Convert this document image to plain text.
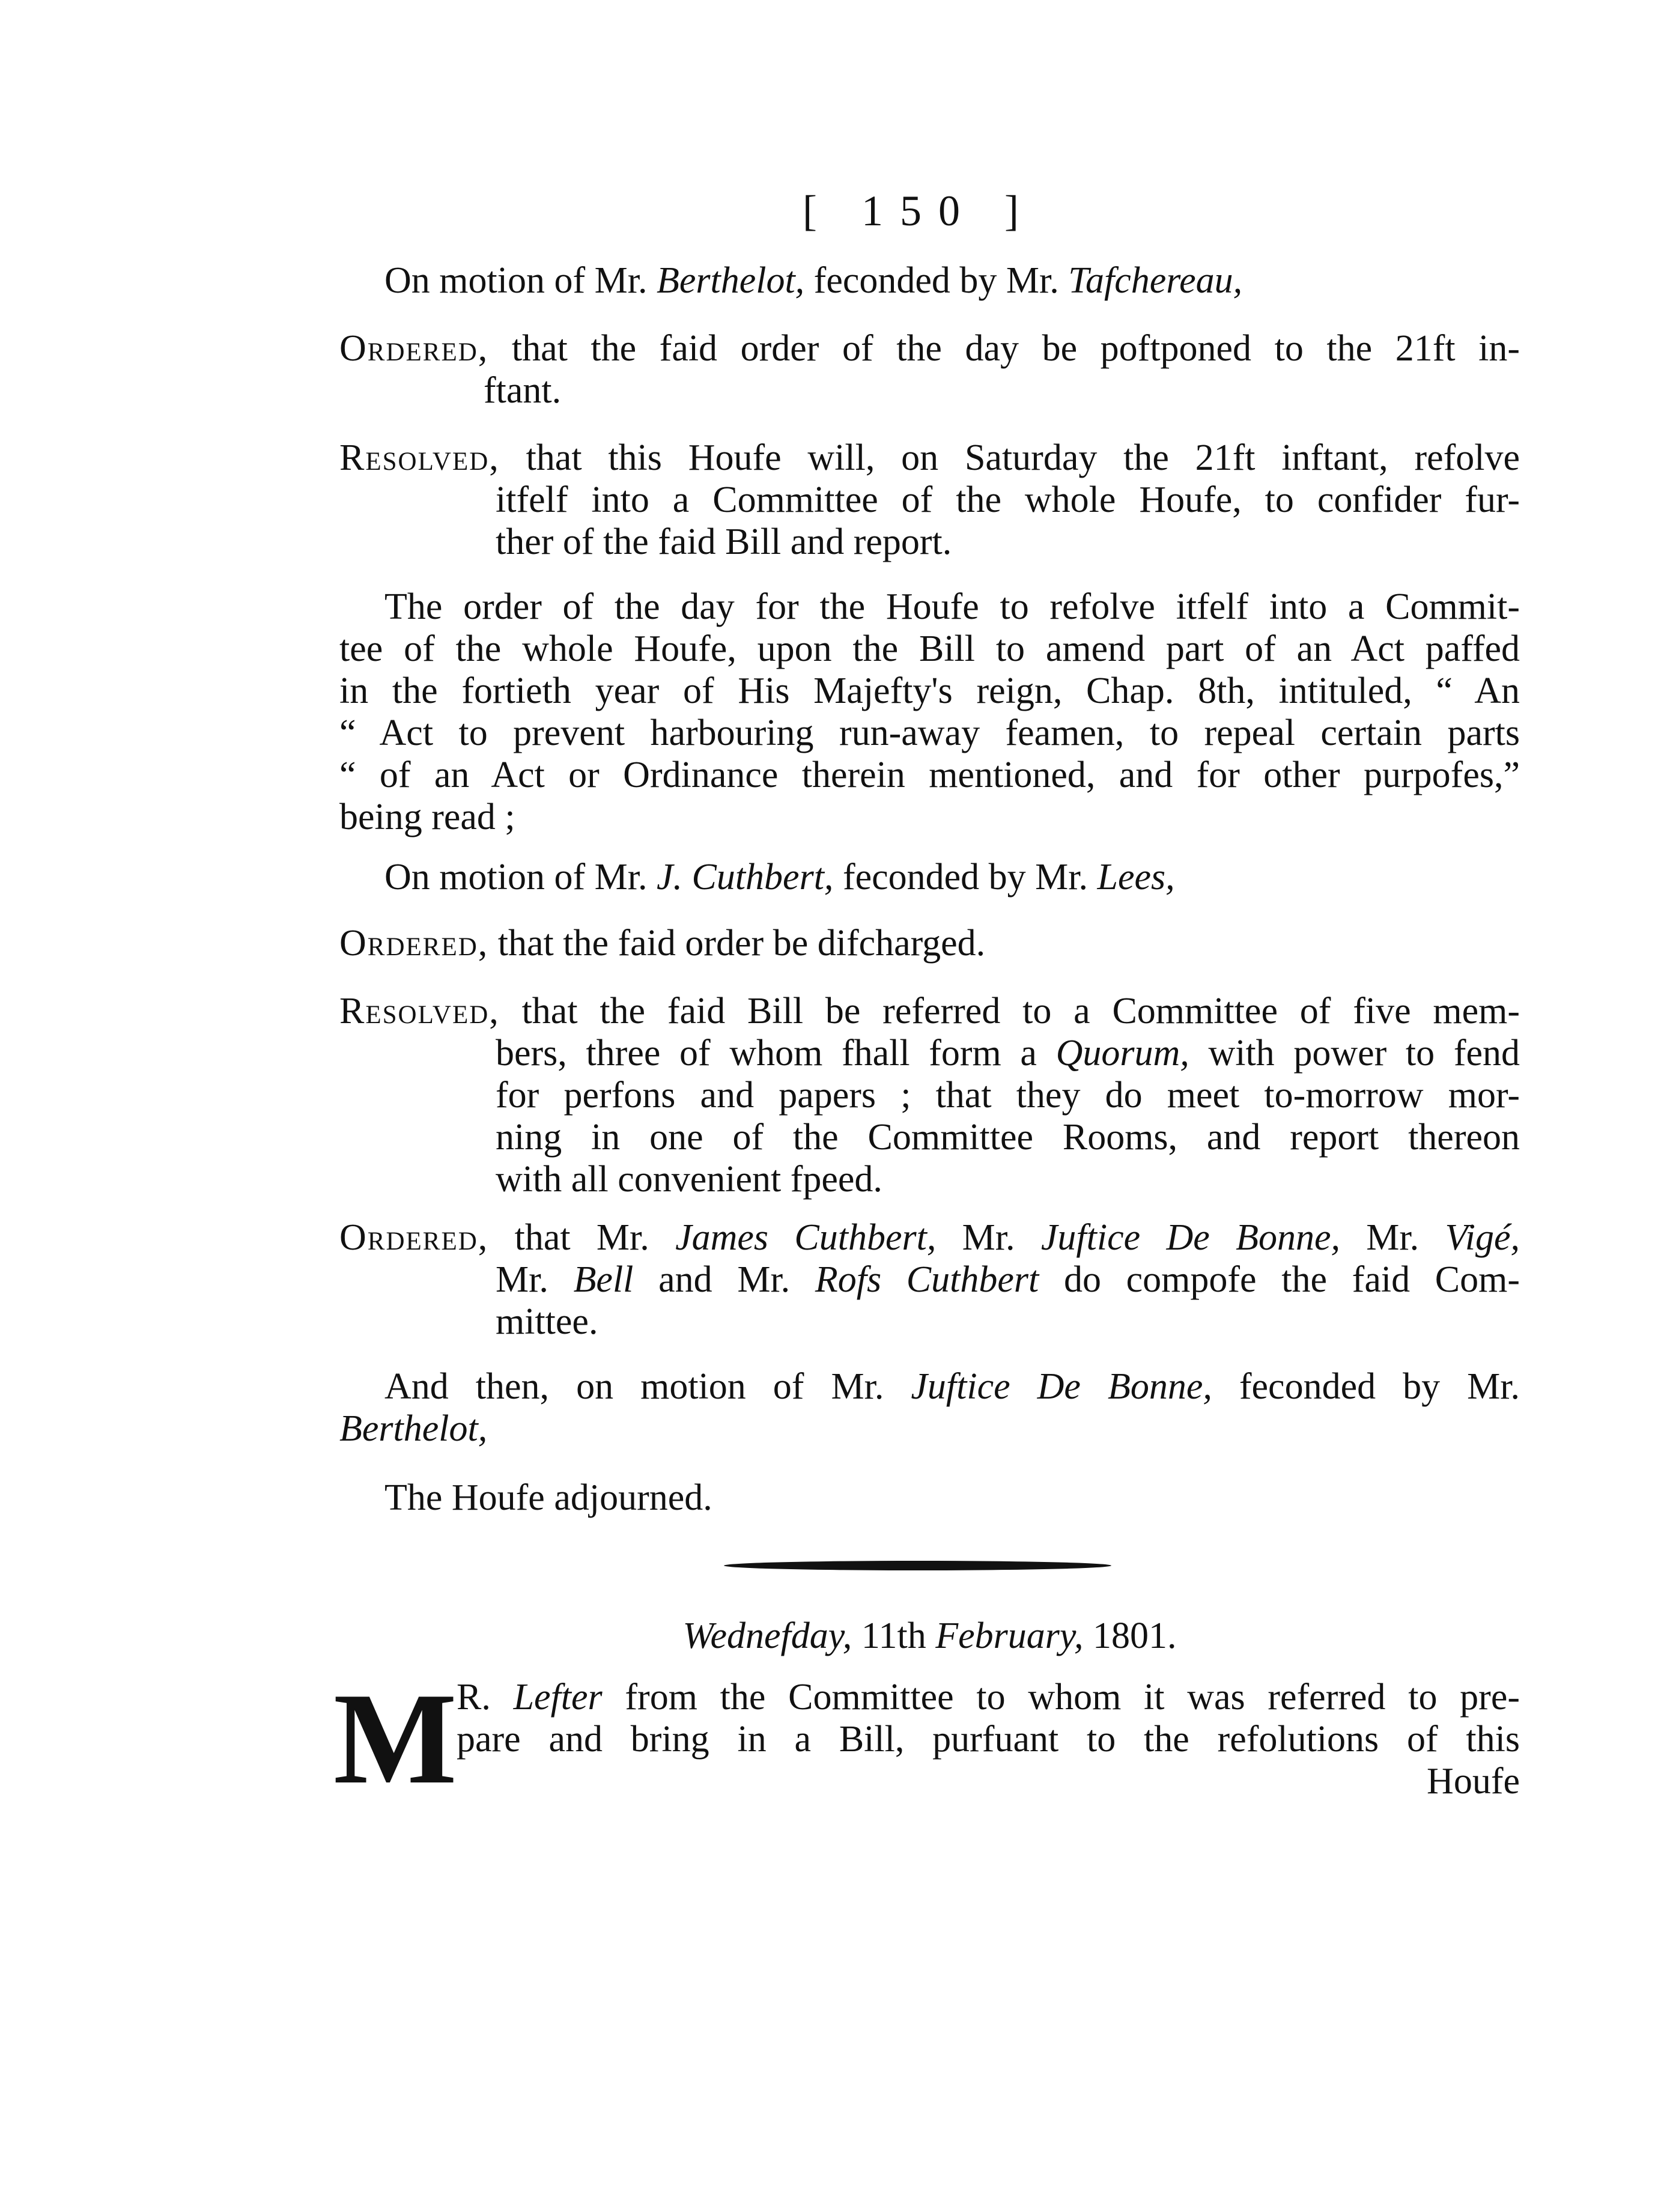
[ 150 ]
On motion of Mr. Berthelot, feconded by Mr. Tafchereau,
Ordered, that the faid order of the day be poftponed to the 21ft in-
ftant.
Resolved, that this Houfe will, on Saturday the 21ft inftant, refolve
itfelf into a Committee of the whole Houfe, to confider fur-
ther of the faid Bill and report.
The order of the day for the Houfe to refolve itfelf into a Commit-
tee of the whole Houfe, upon the Bill to amend part of an Act paffed
in the fortieth year of His Majefty's reign, Chap. 8th, intituled, “ An
“ Act to prevent harbouring run-away feamen, to repeal certain parts
“ of an Act or Ordinance therein mentioned, and for other purpofes,”
being read ;
On motion of Mr. J. Cuthbert, feconded by Mr. Lees,
Ordered, that the faid order be difcharged.
Resolved, that the faid Bill be referred to a Committee of five mem-
bers, three of whom fhall form a Quorum, with power to fend
for perfons and papers ; that they do meet to-morrow mor-
ning in one of the Committee Rooms, and report thereon
with all convenient fpeed.
Ordered, that Mr. James Cuthbert, Mr. Juftice De Bonne, Mr. Vigé,
Mr. Bell and Mr. Rofs Cuthbert do compofe the faid Com-
mittee.
And then, on motion of Mr. Juftice De Bonne, feconded by Mr.
Berthelot,
The Houfe adjourned.
Wednefday, 11th February, 1801.
M R. Lefter from the Committee to whom it was referred to pre-
pare and bring in a Bill, purfuant to the refolutions of this
Houfe
